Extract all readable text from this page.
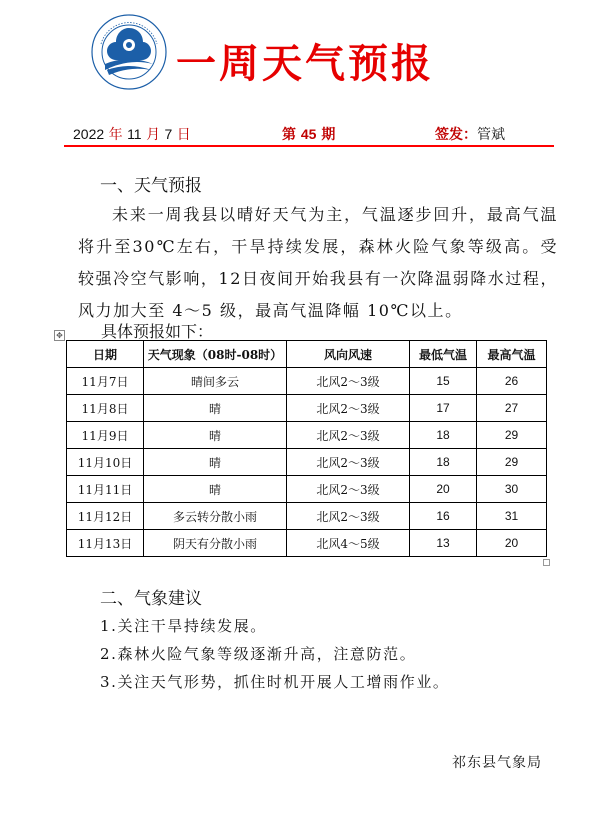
一周天气预报
2022 年 11 月 7 日	第 45 期	签发：管斌
一、天气预报

未来一周我县以晴好天气为主，气温逐步回升，最高气温将升至30℃左右，干旱持续发展，森林火险气象等级高。受较强冷空气影响，12日夜间开始我县有一次降温弱降水过程，风力加大至 4～5 级，最高气温降幅 10℃以上。

具体预报如下：
✥
日期	天气现象（08时-08时）	风向风速	最低气温	最高气温
11月7日	晴间多云	北风2～3级	15	26
11月8日	晴	北风2～3级	17	27
11月9日	晴	北风2～3级	18	29
11月10日	晴	北风2～3级	18	29
11月11日	晴	北风2～3级	20	30
11月12日	多云转分散小雨	北风2～3级	16	31
11月13日	阴天有分散小雨	北风4～5级	13	20
二、气象建议
1.关注干旱持续发展。
2.森林火险气象等级逐渐升高，注意防范。
3.关注天气形势，抓住时机开展人工增雨作业。
祁东县气象局
